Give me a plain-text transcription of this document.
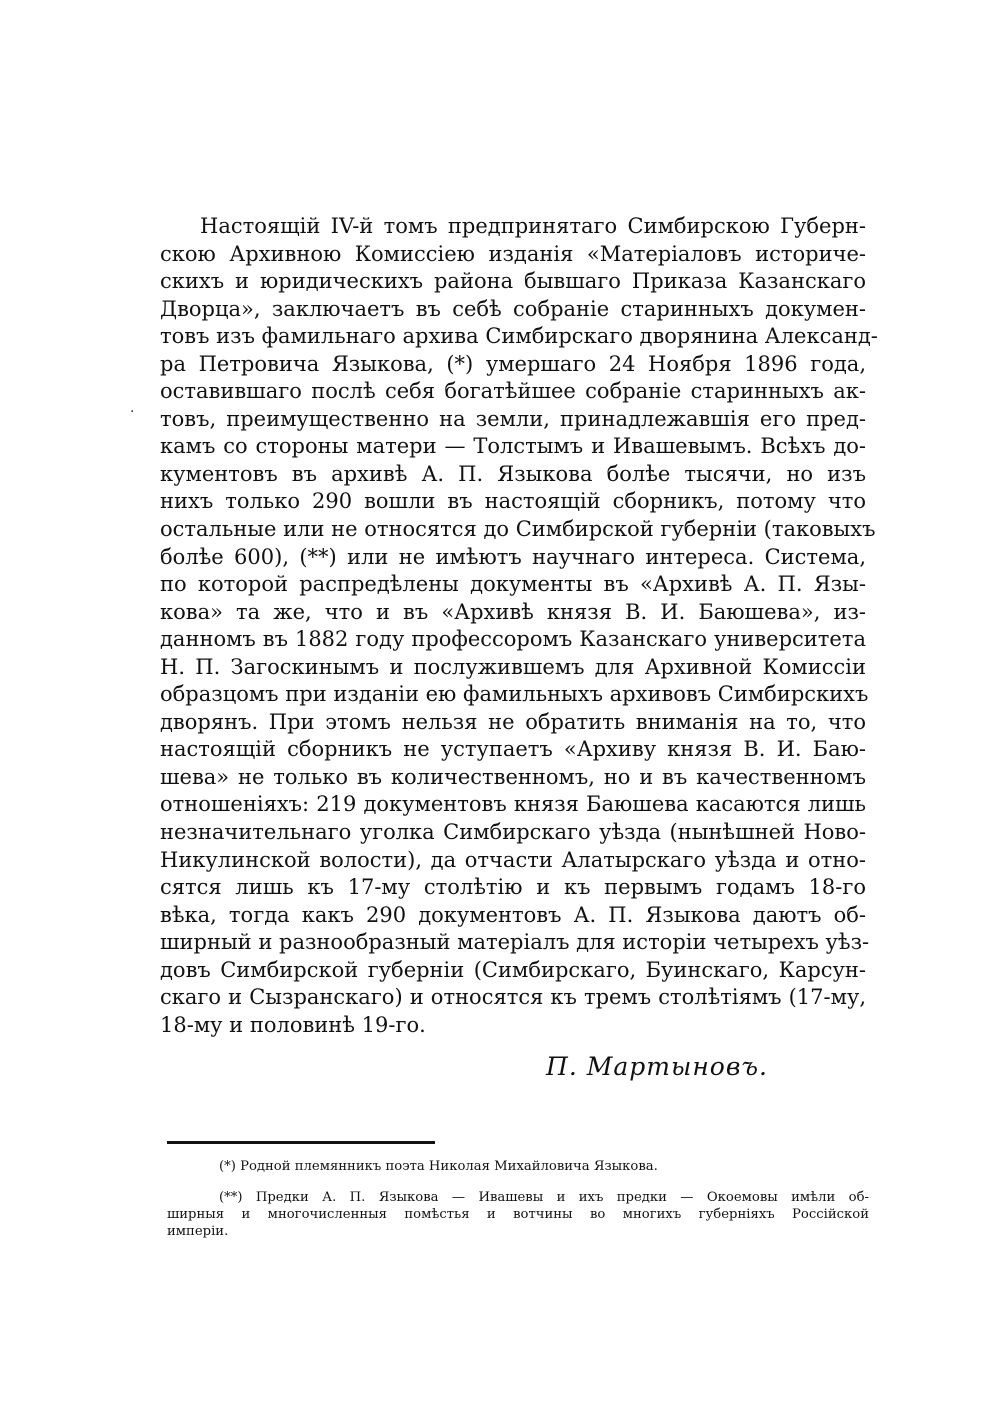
Настоящій IV-й томъ предпринятаго Симбирскою Губерн-
скою Архивною Комиссіею изданія «Матеріаловъ историче-
скихъ и юридическихъ района бывшаго Приказа Казанскаго
Дворца», заключаетъ въ себѣ собраніе старинныхъ докумен-
товъ изъ фамильнаго архива Симбирскаго дворянина Александ-
ра Петровича Языкова, (*) умершаго 24 Ноября 1896 года,
оставившаго послѣ себя богатѣйшее собраніе старинныхъ ак-
товъ, преимущественно на земли, принадлежавшія его пред-
камъ со стороны матери — Толстымъ и Ивашевымъ. Всѣхъ до-
кументовъ въ архивѣ А. П. Языкова болѣе тысячи, но изъ
нихъ только 290 вошли въ настоящій сборникъ, потому что
остальные или не относятся до Симбирской губерніи (таковыхъ
болѣе 600), (**) или не имѣютъ научнаго интереса. Система,
по которой распредѣлены документы въ «Архивѣ А. П. Язы-
кова» та же, что и въ «Архивѣ князя В. И. Баюшева», из-
данномъ въ 1882 году профессоромъ Казанскаго университета
Н. П. Загоскинымъ и послужившемъ для Архивной Комиссіи
образцомъ при изданіи ею фамильныхъ архивовъ Симбирскихъ
дворянъ. При этомъ нельзя не обратить вниманія на то, что
настоящій сборникъ не уступаетъ «Архиву князя В. И. Баю-
шева» не только въ количественномъ, но и въ качественномъ
отношеніяхъ: 219 документовъ князя Баюшева касаются лишь
незначительнаго уголка Симбирскаго уѣзда (нынѣшней Ново-
Никулинской волости), да отчасти Алатырскаго уѣзда и отно-
сятся лишь къ 17-му столѣтію и къ первымъ годамъ 18-го
вѣка, тогда какъ 290 документовъ А. П. Языкова даютъ об-
ширный и разнообразный матеріалъ для исторіи четырехъ уѣз-
довъ Симбирской губерніи (Симбирскаго, Буинскаго, Карсун-
скаго и Сызранскаго) и относятся къ тремъ столѣтіямъ (17-му,
18-му и половинѣ 19-го.
·
П. Мартыновъ.
(*) Родной племянникъ поэта Николая Михайловича Языкова.
(**) Предки А. П. Языкова — Ивашевы и ихъ предки — Окоемовы имѣли об-
ширныя и многочисленныя помѣстья и вотчины во многихъ губерніяхъ Россійской
имперіи.
